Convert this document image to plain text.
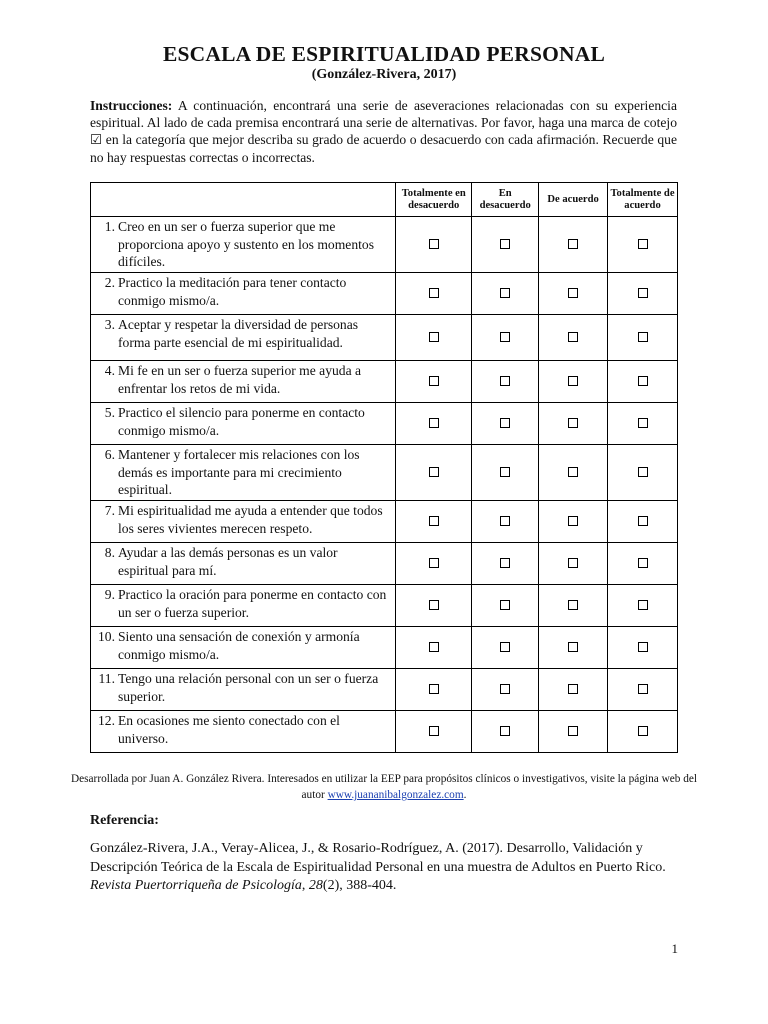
ESCALA DE ESPIRITUALIDAD PERSONAL
(González-Rivera, 2017)
Instrucciones: A continuación, encontrará una serie de aseveraciones relacionadas con su experiencia espiritual. Al lado de cada premisa encontrará una serie de alternativas. Por favor, haga una marca de cotejo ☑ en la categoría que mejor describa su grado de acuerdo o desacuerdo con cada afirmación. Recuerde que no hay respuestas correctas o incorrectas.
	Totalmente en desacuerdo	En desacuerdo	De acuerdo	Totalmente de acuerdo

1. Creo en un ser o fuerza superior que me proporciona apoyo y sustento en los momentos difíciles.				

2. Practico la meditación para tener contacto conmigo mismo/a.				

3. Aceptar y respetar la diversidad de personas forma parte esencial de mi espiritualidad.				

4. Mi fe en un ser o fuerza superior me ayuda a enfrentar los retos de mi vida.				

5. Practico el silencio para ponerme en contacto conmigo mismo/a.				

6. Mantener y fortalecer mis relaciones con los demás es importante para mi crecimiento espiritual.				

7. Mi espiritualidad me ayuda a entender que todos los seres vivientes merecen respeto.				

8. Ayudar a las demás personas es un valor espiritual para mí.				

9. Practico la oración para ponerme en contacto con un ser o fuerza superior.				

10. Siento una sensación de conexión y armonía conmigo mismo/a.				

11. Tengo una relación personal con un ser o fuerza superior.				

12. En ocasiones me siento conectado con el universo.				

Desarrollada por Juan A. González Rivera. Interesados en utilizar la EEP para propósitos clínicos o investigativos, visite la página web del autor www.juananibalgonzalez.com.
Referencia:
González-Rivera, J.A., Veray-Alicea, J., & Rosario-Rodríguez, A. (2017). Desarrollo, Validación y Descripción Teórica de la Escala de Espiritualidad Personal en una muestra de Adultos en Puerto Rico. Revista Puertorriqueña de Psicología, 28(2), 388-404.
1
